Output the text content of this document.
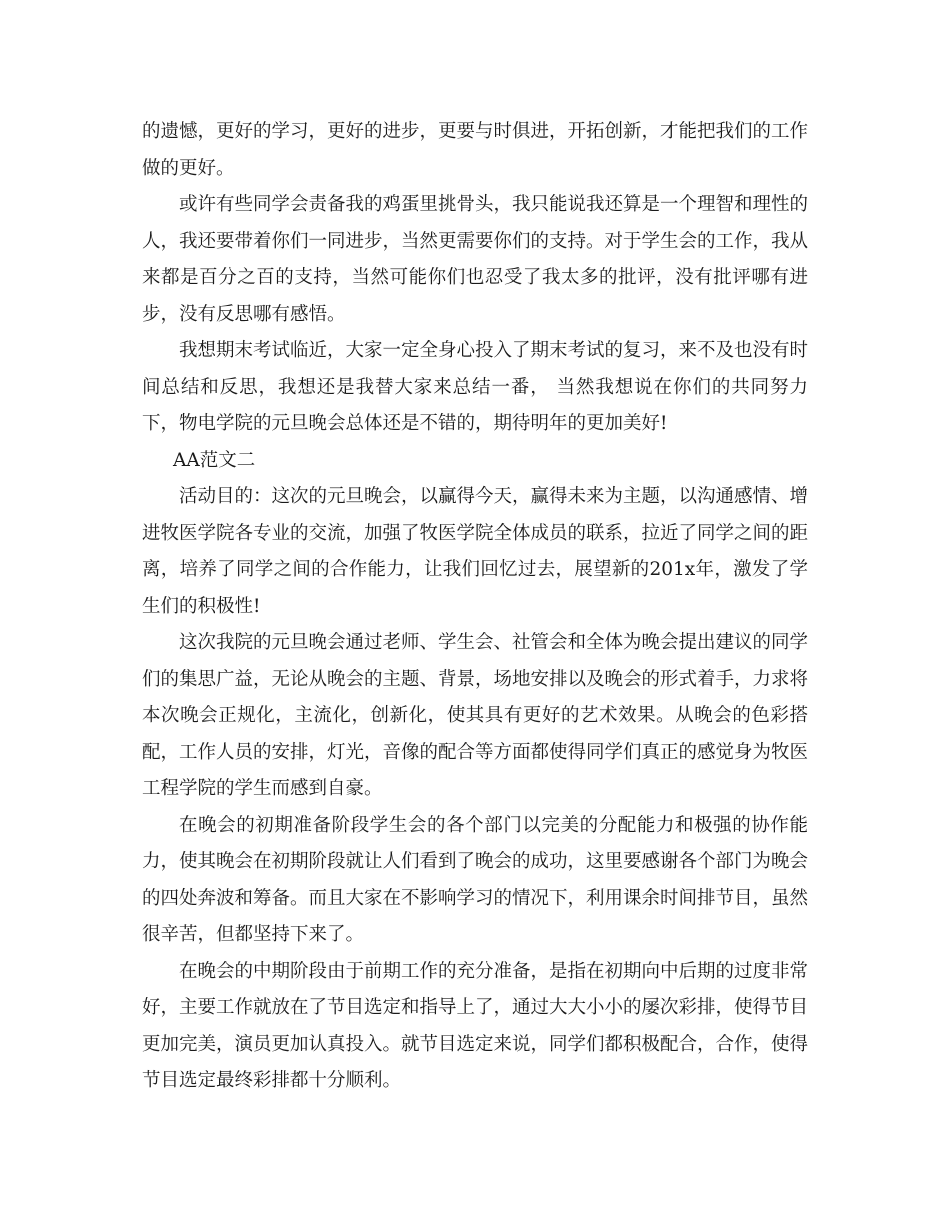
的遗憾，更好的学习，更好的进步，更要与时俱进，开拓创新，才能把我们的工作做的更好。

或许有些同学会责备我的鸡蛋里挑骨头，我只能说我还算是一个理智和理性的人，我还要带着你们一同进步，当然更需要你们的支持。对于学生会的工作，我从来都是百分之百的支持，当然可能你们也忍受了我太多的批评，没有批评哪有进步，没有反思哪有感悟。

我想期末考试临近，大家一定全身心投入了期末考试的复习，来不及也没有时间总结和反思，我想还是我替大家来总结一番， 当然我想说在你们的共同努力下，物电学院的元旦晚会总体还是不错的，期待明年的更加美好!

AA范文二

活动目的：这次的元旦晚会，以赢得今天，赢得未来为主题，以沟通感情、增进牧医学院各专业的交流，加强了牧医学院全体成员的联系，拉近了同学之间的距离，培养了同学之间的合作能力，让我们回忆过去，展望新的201x年，激发了学生们的积极性!

这次我院的元旦晚会通过老师、学生会、社管会和全体为晚会提出建议的同学们的集思广益，无论从晚会的主题、背景，场地安排以及晚会的形式着手，力求将本次晚会正规化，主流化，创新化，使其具有更好的艺术效果。从晚会的色彩搭配，工作人员的安排，灯光，音像的配合等方面都使得同学们真正的感觉身为牧医工程学院的学生而感到自豪。

在晚会的初期准备阶段学生会的各个部门以完美的分配能力和极强的协作能力，使其晚会在初期阶段就让人们看到了晚会的成功，这里要感谢各个部门为晚会的四处奔波和筹备。而且大家在不影响学习的情况下，利用课余时间排节目，虽然很辛苦，但都坚持下来了。

在晚会的中期阶段由于前期工作的充分准备，是指在初期向中后期的过度非常好，主要工作就放在了节目选定和指导上了，通过大大小小的屡次彩排，使得节目更加完美，演员更加认真投入。就节目选定来说，同学们都积极配合，合作，使得节目选定最终彩排都十分顺利。
